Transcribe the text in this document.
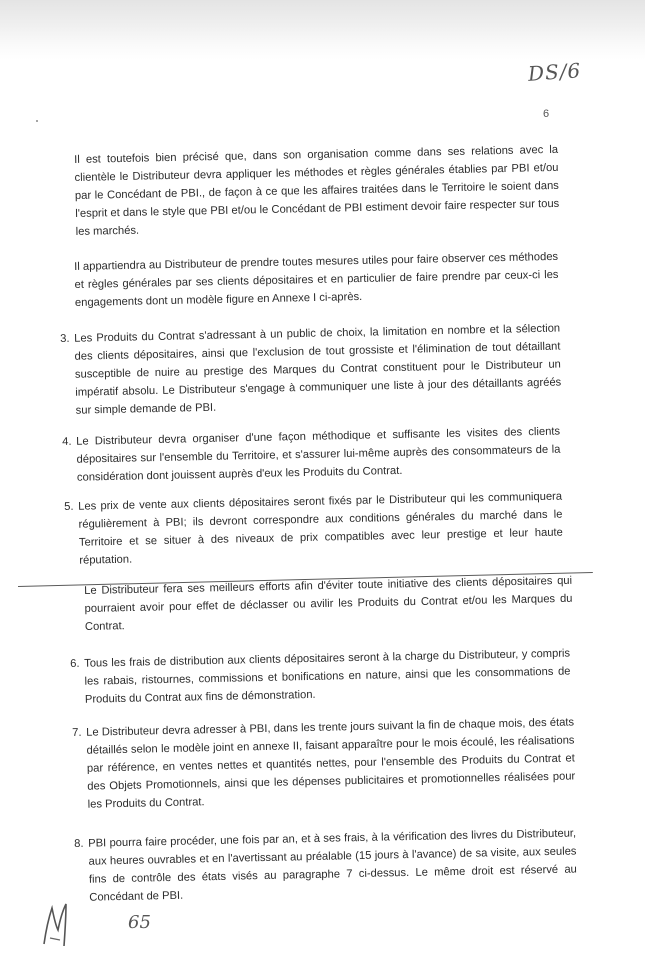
DS/6
6

Il est toutefois bien précisé que, dans son organisation comme dans ses relations avec la clientèle le Distributeur devra appliquer les méthodes et règles générales établies par PBI et/ou par le Concédant de PBI., de façon à ce que les affaires traitées dans le Territoire le soient dans l'esprit et dans le style que PBI et/ou le Concédant de PBI estiment devoir faire respecter sur tous les marchés.

Il appartiendra au Distributeur de prendre toutes mesures utiles pour faire observer ces méthodes et règles générales par ses clients dépositaires et en particulier de faire prendre par ceux-ci les engagements dont un modèle figure en Annexe I ci-après.

3. Les Produits du Contrat s'adressant à un public de choix, la limitation en nombre et la sélection des clients dépositaires, ainsi que l'exclusion de tout grossiste et l'élimination de tout détaillant susceptible de nuire au prestige des Marques du Contrat constituent pour le Distributeur un impératif absolu. Le Distributeur s'engage à communiquer une liste à jour des détaillants agréés sur simple demande de PBI.
4. Le Distributeur devra organiser d'une façon méthodique et suffisante les visites des clients dépositaires sur l'ensemble du Territoire, et s'assurer lui-même auprès des consommateurs de la considération dont jouissent auprès d'eux les Produits du Contrat.
5. Les prix de vente aux clients dépositaires seront fixés par le Distributeur qui les communiquera régulièrement à PBI; ils devront correspondre aux conditions générales du marché dans le Territoire et se situer à des niveaux de prix compatibles avec leur prestige et leur haute réputation.

Le Distributeur fera ses meilleurs efforts afin d'éviter toute initiative des clients dépositaires qui pourraient avoir pour effet de déclasser ou avilir les Produits du Contrat et/ou les Marques du Contrat.

6. Tous les frais de distribution aux clients dépositaires seront à la charge du Distributeur, y compris les rabais, ristournes, commissions et bonifications en nature, ainsi que les consommations de Produits du Contrat aux fins de démonstration.
7. Le Distributeur devra adresser à PBI, dans les trente jours suivant la fin de chaque mois, des états détaillés selon le modèle joint en annexe II, faisant apparaître pour le mois écoulé, les réalisations par référence, en ventes nettes et quantités nettes, pour l'ensemble des Produits du Contrat et des Objets Promotionnels, ainsi que les dépenses publicitaires et promotionnelles réalisées pour les Produits du Contrat.
8. PBI pourra faire procéder, une fois par an, et à ses frais, à la vérification des livres du Distributeur, aux heures ouvrables et en l'avertissant au préalable (15 jours à l'avance) de sa visite, aux seules fins de contrôle des états visés au paragraphe 7 ci-dessus. Le même droit est réservé au Concédant de PBI.
65
